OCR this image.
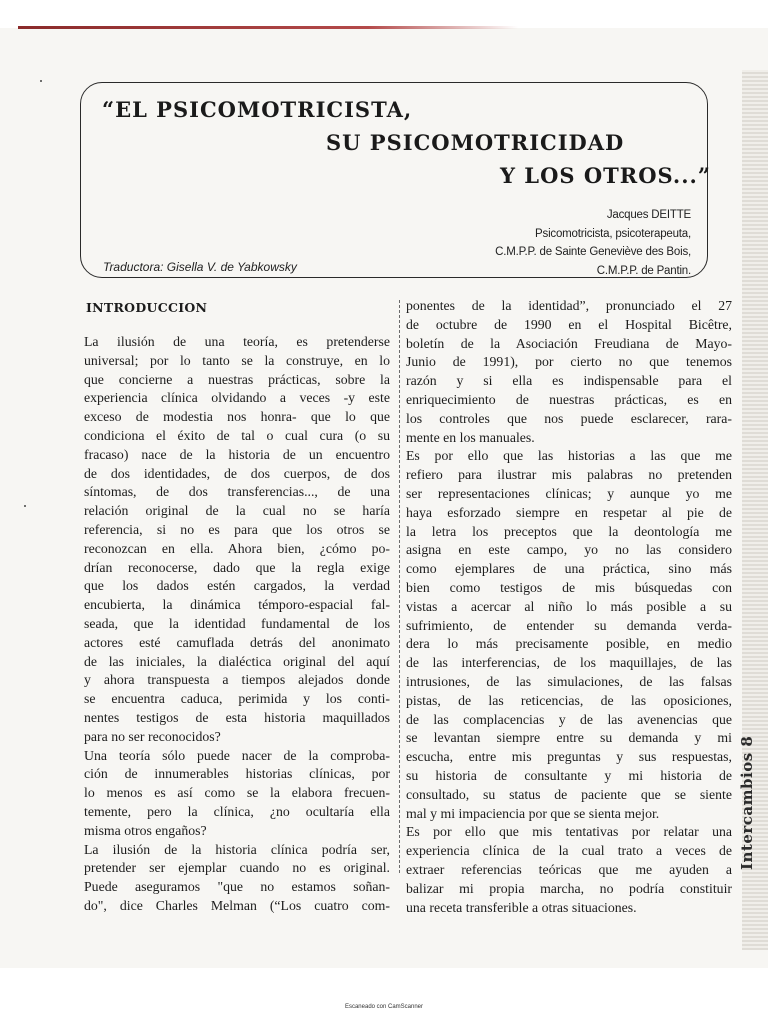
“EL PSICOMOTRICISTA,
SU PSICOMOTRICIDAD
Y LOS OTROS...”
Jacques DEITTE
Psicomotricista, psicoterapeuta,
C.M.P.P. de Sainte Geneviève des Bois,
C.M.P.P. de Pantin.
Traductora: Gisella V. de Yabkowsky
INTRODUCCION
La ilusión de una teoría, es pretenderse
universal; por lo tanto se la construye, en lo
que concierne a nuestras prácticas, sobre la
experiencia clínica olvidando a veces -y este
exceso de modestia nos honra- que lo que
condiciona el éxito de tal o cual cura (o su
fracaso) nace de la historia de un encuentro
de dos identidades, de dos cuerpos, de dos
síntomas, de dos transferencias..., de una
relación original de la cual no se haría
referencia, si no es para que los otros se
reconozcan en ella. Ahora bien, ¿cómo po-
drían reconocerse, dado que la regla exige
que los dados estén cargados, la verdad
encubierta, la dinámica témporo-espacial fal-
seada, que la identidad fundamental de los
actores esté camuflada detrás del anonimato
de las iniciales, la dialéctica original del aquí
y ahora transpuesta a tiempos alejados donde
se encuentra caduca, perimida y los conti-
nentes testigos de esta historia maquillados
para no ser reconocidos?
Una teoría sólo puede nacer de la comproba-
ción de innumerables historias clínicas, por
lo menos es así como se la elabora frecuen-
temente, pero la clínica, ¿no ocultaría ella
misma otros engaños?
La ilusión de la historia clínica podría ser,
pretender ser ejemplar cuando no es original.
Puede aseguramos "que no estamos soñan-
do", dice Charles Melman (“Los cuatro com-
ponentes de la identidad”, pronunciado el 27
de octubre de 1990 en el Hospital Bicêtre,
boletín de la Asociación Freudiana de Mayo-
Junio de 1991), por cierto no que tenemos
razón y si ella es indispensable para el
enriquecimiento de nuestras prácticas, es en
los controles que nos puede esclarecer, rara-
mente en los manuales.
Es por ello que las historias a las que me
refiero para ilustrar mis palabras no pretenden
ser representaciones clínicas; y aunque yo me
haya esforzado siempre en respetar al pie de
la letra los preceptos que la deontología me
asigna en este campo, yo no las considero
como ejemplares de una práctica, sino más
bien como testigos de mis búsquedas con
vistas a acercar al niño lo más posible a su
sufrimiento, de entender su demanda verda-
dera lo más precisamente posible, en medio
de las interferencias, de los maquillajes, de las
intrusiones, de las simulaciones, de las falsas
pistas, de las reticencias, de las oposiciones,
de las complacencias y de las avenencias que
se levantan siempre entre su demanda y mi
escucha, entre mis preguntas y sus respuestas,
su historia de consultante y mi historia de
consultado, su status de paciente que se siente
mal y mi impaciencia por que se sienta mejor.
Es por ello que mis tentativas por relatar una
experiencia clínica de la cual trato a veces de
extraer referencias teóricas que me ayuden a
balizar mi propia marcha, no podría constituir
una receta transferible a otras situaciones.
Intercambios 8
Escaneado con CamScanner
